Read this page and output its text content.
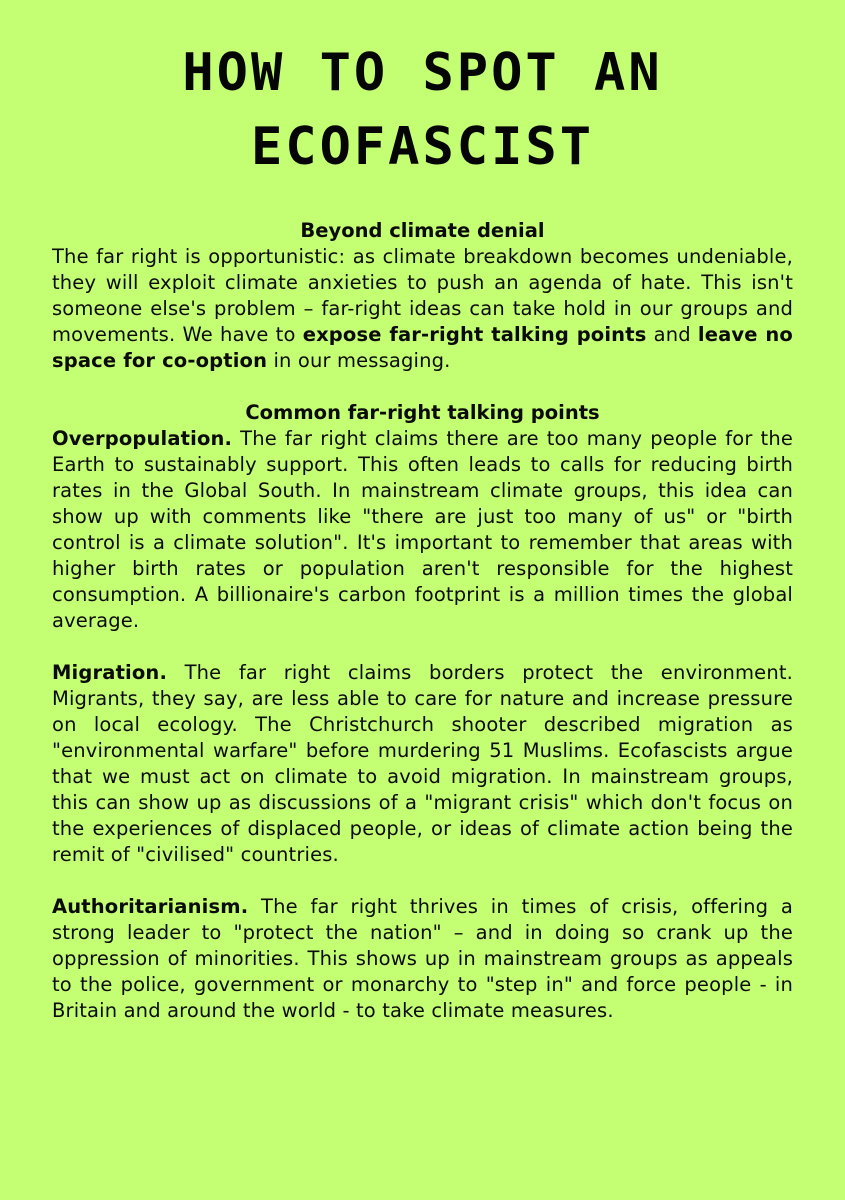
HOW TO SPOT AN
ECOFASCIST
Beyond climate denial

The far right is opportunistic: as climate breakdown becomes undeniable, they will exploit climate anxieties to push an agenda of hate. This isn't someone else's problem – far-right ideas can take hold in our groups and movements. We have to expose far-right talking points and leave no space for co-option in our messaging.

Common far-right talking points

Overpopulation. The far right claims there are too many people for the Earth to sustainably support. This often leads to calls for reducing birth rates in the Global South. In mainstream climate groups, this idea can show up with comments like "there are just too many of us" or "birth control is a climate solution". It's important to remember that areas with higher birth rates or population aren't responsible for the highest consumption. A billionaire's carbon footprint is a million times the global average.

Migration. The far right claims borders protect the environment. Migrants, they say, are less able to care for nature and increase pressure on local ecology. The Christchurch shooter described migration as "environmental warfare" before murdering 51 Muslims. Ecofascists argue that we must act on climate to avoid migration. In mainstream groups, this can show up as discussions of a "migrant crisis" which don't focus on the experiences of displaced people, or ideas of climate action being the remit of "civilised" countries.

Authoritarianism. The far right thrives in times of crisis, offering a strong leader to "protect the nation" – and in doing so crank up the oppression of minorities. This shows up in mainstream groups as appeals to the police, government or monarchy to "step in" and force people - in Britain and around the world - to take climate measures.
